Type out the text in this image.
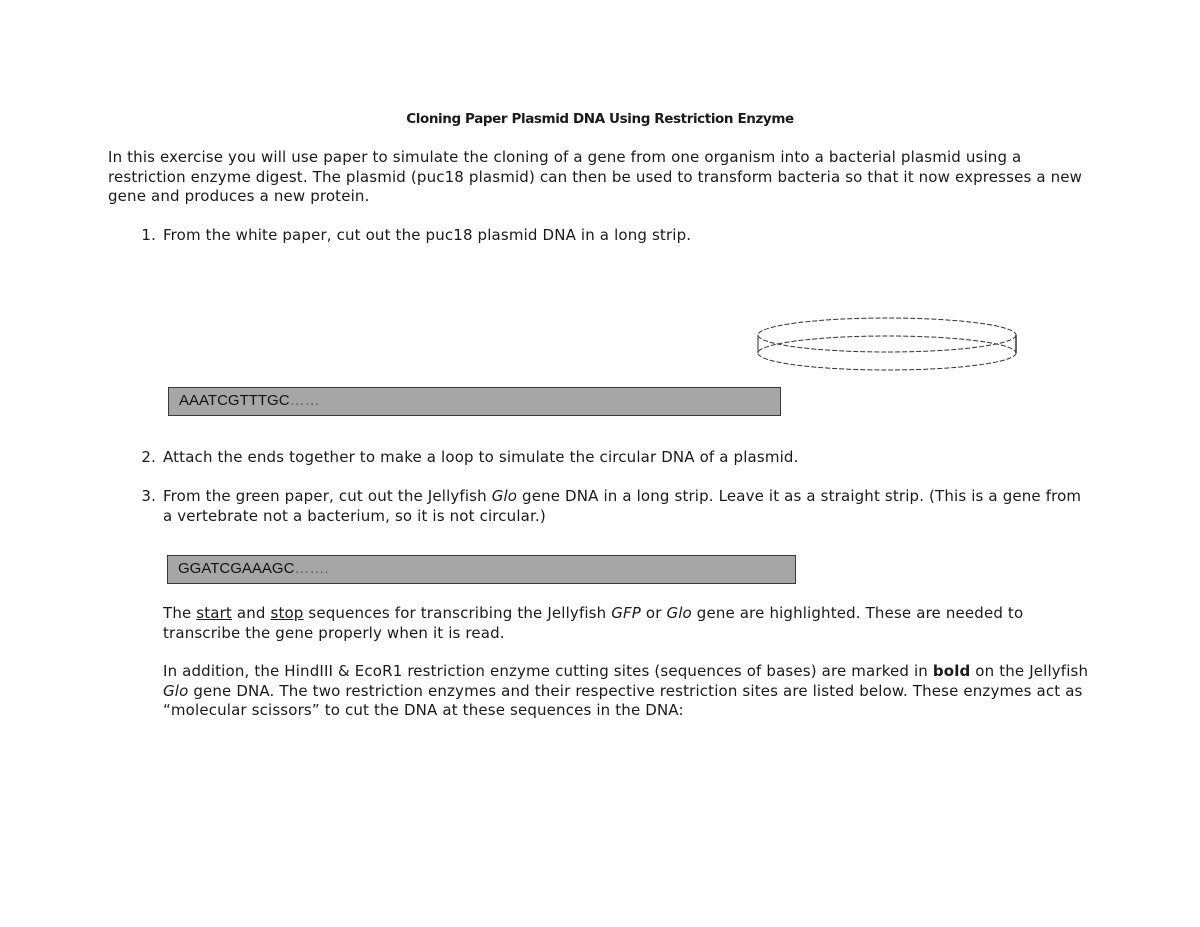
Cloning Paper Plasmid DNA Using Restriction Enzyme

In this exercise you will use paper to simulate the cloning of a gene from one organism into a bacterial plasmid using a restriction enzyme digest. The plasmid (puc18 plasmid) can then be used to transform bacteria so that it now expresses a new gene and produces a new protein.

1. From the white paper, cut out the puc18 plasmid DNA in a long strip.

AAATCGTTTGC……

2. Attach the ends together to make a loop to simulate the circular DNA of a plasmid.

3. From the green paper, cut out the Jellyfish Glo gene DNA in a long strip. Leave it as a straight strip. (This is a gene from a vertebrate not a bacterium, so it is not circular.)

GGATCGAAAGC…….

The start and stop sequences for transcribing the Jellyfish GFP or Glo gene are highlighted. These are needed to transcribe the gene properly when it is read.

In addition, the HindIII & EcoR1 restriction enzyme cutting sites (sequences of bases) are marked in bold on the Jellyfish Glo gene DNA. The two restriction enzymes and their respective restriction sites are listed below. These enzymes act as “molecular scissors” to cut the DNA at these sequences in the DNA:
